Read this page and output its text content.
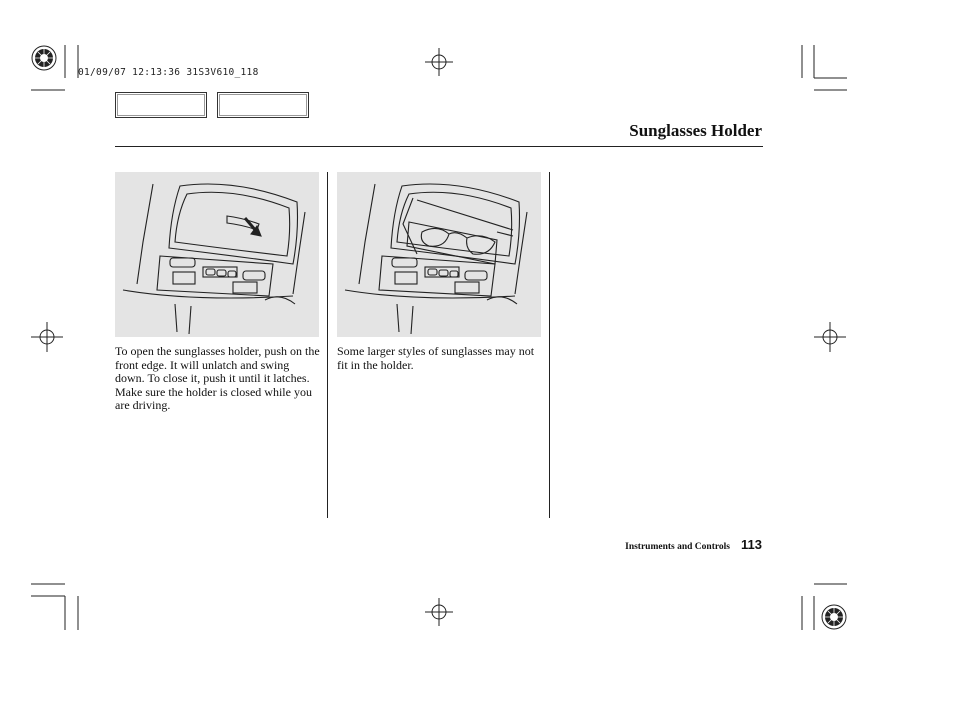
01/09/07 12:13:36 31S3V610_118
Sunglasses Holder

To open the sunglasses holder, push on the front edge. It will unlatch and swing down. To close it, push it until it latches. Make sure the holder is closed while you are driving.

Some larger styles of sunglasses may not fit in the holder.

Instruments and Controls 113
